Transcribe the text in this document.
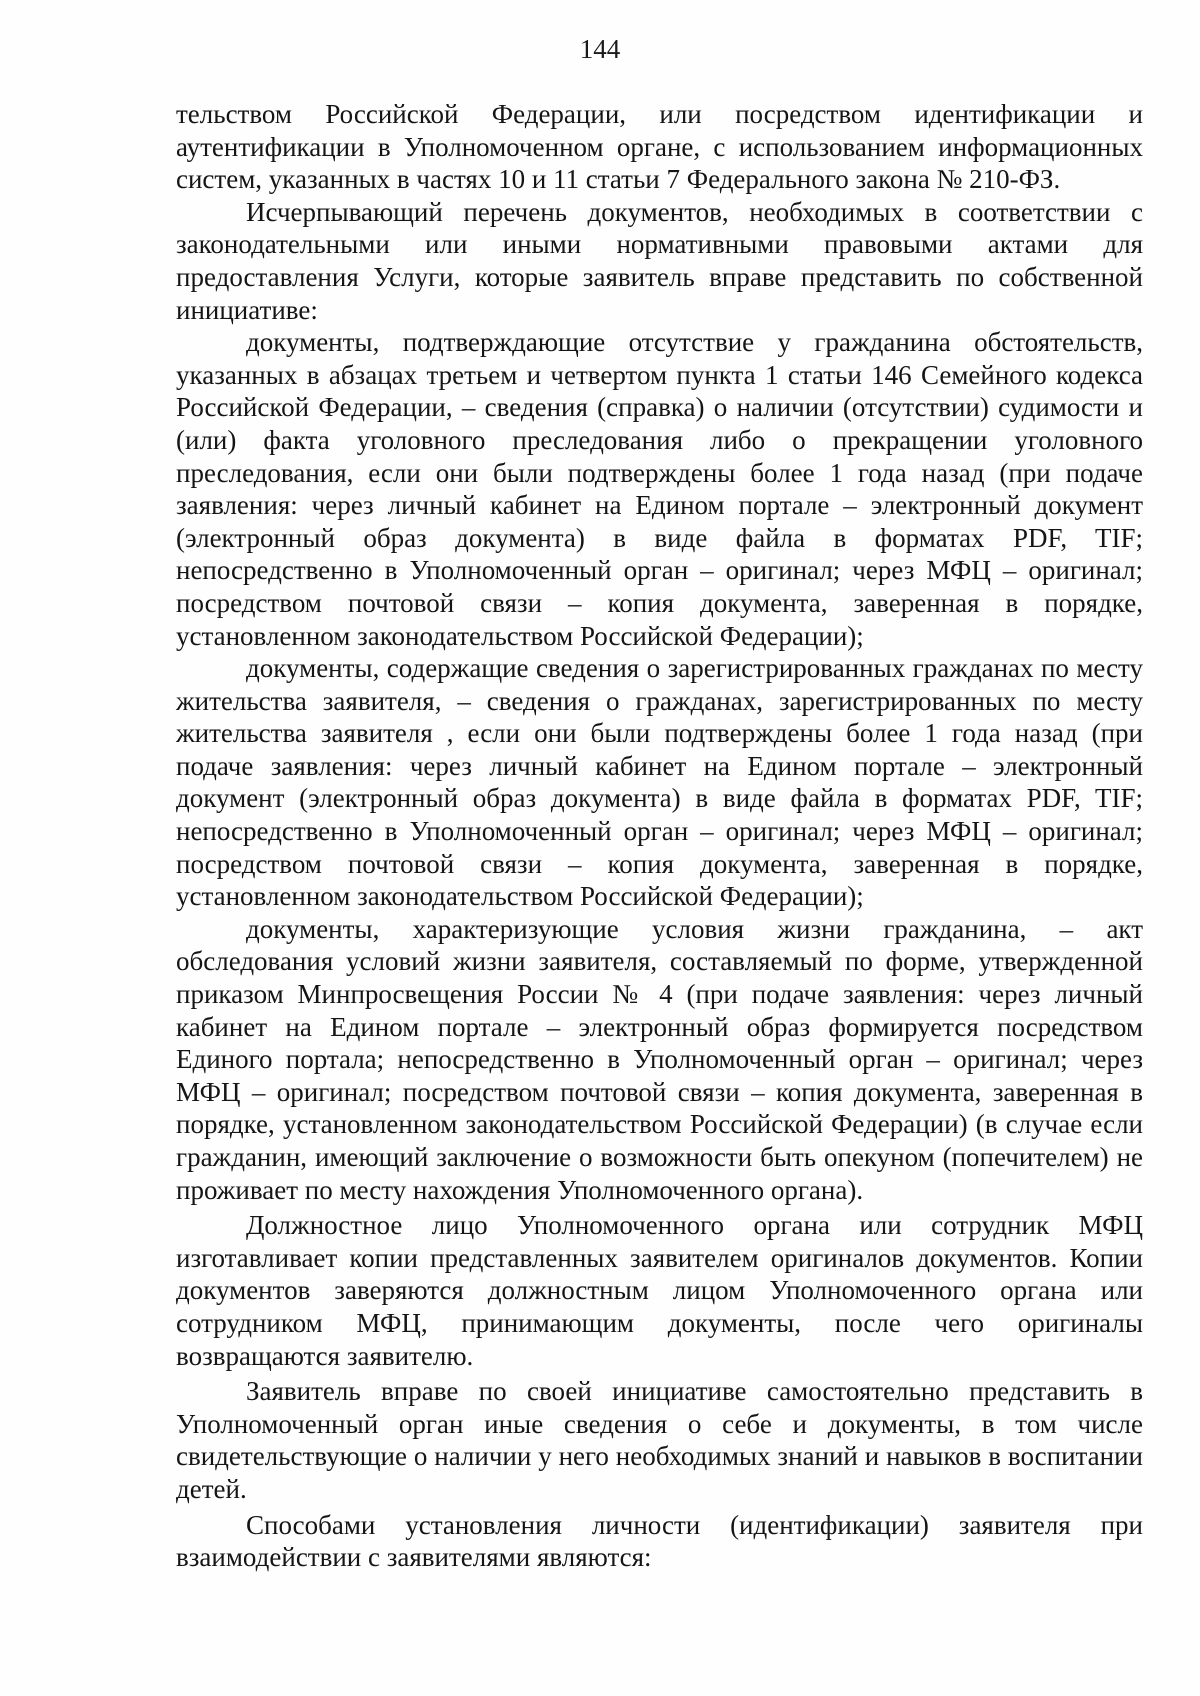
144

тельством Российской Федерации, или посредством идентификации и аутентификации в Уполномоченном органе, с использованием информационных систем, указанных в частях 10 и 11 статьи 7 Федерального закона № 210-ФЗ.

Исчерпывающий перечень документов, необходимых в соответствии с законодательными или иными нормативными правовыми актами для предоставления Услуги, которые заявитель вправе представить по собственной инициативе:

документы, подтверждающие отсутствие у гражданина обстоятельств, указанных в абзацах третьем и четвертом пункта 1 статьи 146 Семейного кодекса Российской Федерации, – сведения (справка) о наличии (отсутствии) судимости и (или) факта уголовного преследования либо о прекращении уголовного преследования, если они были подтверждены более 1 года назад (при подаче заявления: через личный кабинет на Едином портале – электронный документ (электронный образ документа) в виде файла в форматах PDF, TIF; непосредственно в Уполномоченный орган – оригинал; через МФЦ – оригинал; посредством почтовой связи – копия документа, заверенная в порядке, установленном законодательством Российской Федерации);

документы, содержащие сведения о зарегистрированных гражданах по месту жительства заявителя, – сведения о гражданах, зарегистрированных по месту жительства заявителя , если они были подтверждены более 1 года назад (при подаче заявления: через личный кабинет на Едином портале – электронный документ (электронный образ документа) в виде файла в форматах PDF, TIF; непосредственно в Уполномоченный орган – оригинал; через МФЦ – оригинал; посредством почтовой связи – копия документа, заверенная в порядке, установленном законодательством Российской Федерации);

документы, характеризующие условия жизни гражданина, – акт обследования условий жизни заявителя, составляемый по форме, утвержденной приказом Минпросвещения России № 4 (при подаче заявления: через личный кабинет на Едином портале – электронный образ формируется посредством Единого портала; непосредственно в Уполномоченный орган – оригинал; через МФЦ – оригинал; посредством почтовой связи – копия документа, заверенная в порядке, установленном законодательством Российской Федерации) (в случае если гражданин, имеющий заключение о возможности быть опекуном (попечителем) не проживает по месту нахождения Уполномоченного органа).

Должностное лицо Уполномоченного органа или сотрудник МФЦ изготавливает копии представленных заявителем оригиналов документов. Копии документов заверяются должностным лицом Уполномоченного органа или сотрудником МФЦ, принимающим документы, после чего оригиналы возвращаются заявителю.

Заявитель вправе по своей инициативе самостоятельно представить в Уполномоченный орган иные сведения о себе и документы, в том числе свидетельствующие о наличии у него необходимых знаний и навыков в воспитании детей.

Способами установления личности (идентификации) заявителя при взаимодействии с заявителями являются:
